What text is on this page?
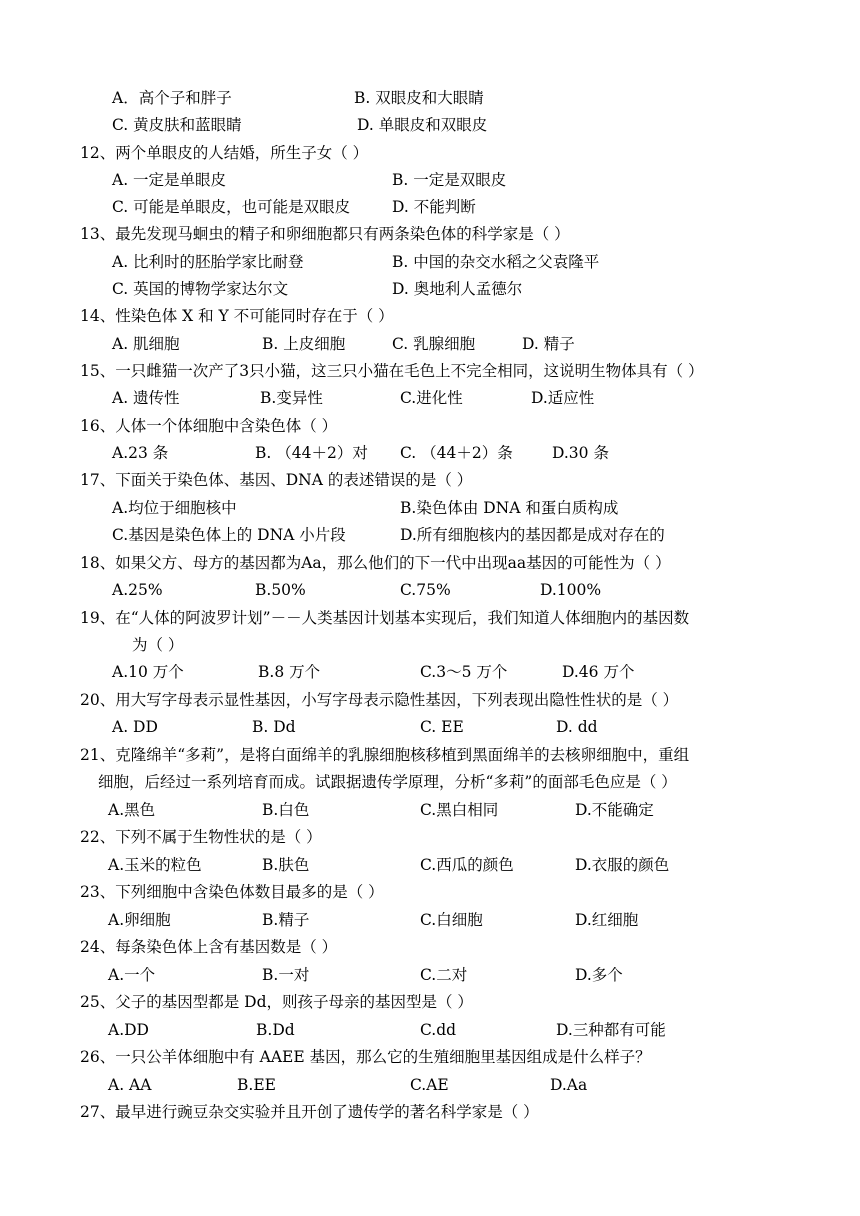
A．高个子和胖子	B. 双眼皮和大眼睛
C. 黄皮肤和蓝眼睛	D. 单眼皮和双眼皮
12、两个单眼皮的人结婚，所生子女（ ）
A. 一定是单眼皮	B. 一定是双眼皮
C. 可能是单眼皮，也可能是双眼皮	D. 不能判断
13、最先发现马蛔虫的精子和卵细胞都只有两条染色体的科学家是（ ）
A. 比利时的胚胎学家比耐登	B. 中国的杂交水稻之父袁隆平
C. 英国的博物学家达尔文	D. 奥地利人孟德尔
14、性染色体 X 和 Y 不可能同时存在于（ ）
A. 肌细胞	B. 上皮细胞	C. 乳腺细胞	D. 精子
15、一只雌猫一次产了3只小猫，这三只小猫在毛色上不完全相同，这说明生物体具有（ ）
A. 遗传性	B.变异性	C.进化性	D.适应性
16、人体一个体细胞中含染色体（ ）
A.23 条	B. （44＋2）对 C. （44＋2）条	D.30 条
17、下面关于染色体、基因、DNA 的表述错误的是（ ）
A.均位于细胞核中	B.染色体由 DNA 和蛋白质构成
C.基因是染色体上的 DNA 小片段	D.所有细胞核内的基因都是成对存在的
18、如果父方、母方的基因都为Aa，那么他们的下一代中出现aa基因的可能性为（ ）
A.25%	B.50%	C.75%	D.100%
19、在“人体的阿波罗计划”－－人类基因计划基本实现后，我们知道人体细胞内的基因数
为（ ）
A.10 万个	B.8 万个	C.3～5 万个	D.46 万个
20、用大写字母表示显性基因，小写字母表示隐性基因，下列表现出隐性性状的是（ ）
A. DD	B. Dd	C. EE	D. dd
21、克隆绵羊“多莉”，是将白面绵羊的乳腺细胞核移植到黑面绵羊的去核卵细胞中，重组
细胞，后经过一系列培育而成。试跟据遗传学原理，分析“多莉”的面部毛色应是（ ）
A.黑色	B.白色	C.黑白相同	D.不能确定
22、下列不属于生物性状的是（ ）
A.玉米的粒色	B.肤色	C.西瓜的颜色	D.衣服的颜色
23、下列细胞中含染色体数目最多的是（ ）
A.卵细胞	B.精子	C.白细胞	D.红细胞
24、每条染色体上含有基因数是（ ）
A.一个	B.一对	C.二对	D.多个
25、父子的基因型都是 Dd，则孩子母亲的基因型是（ ）
A.DD	B.Dd	C.dd	D.三种都有可能
26、一只公羊体细胞中有 AAEE 基因，那么它的生殖细胞里基因组成是什么样子？
A. AA	B.EE	C.AE	D.Aa
27、最早进行豌豆杂交实验并且开创了遗传学的著名科学家是（ ）
